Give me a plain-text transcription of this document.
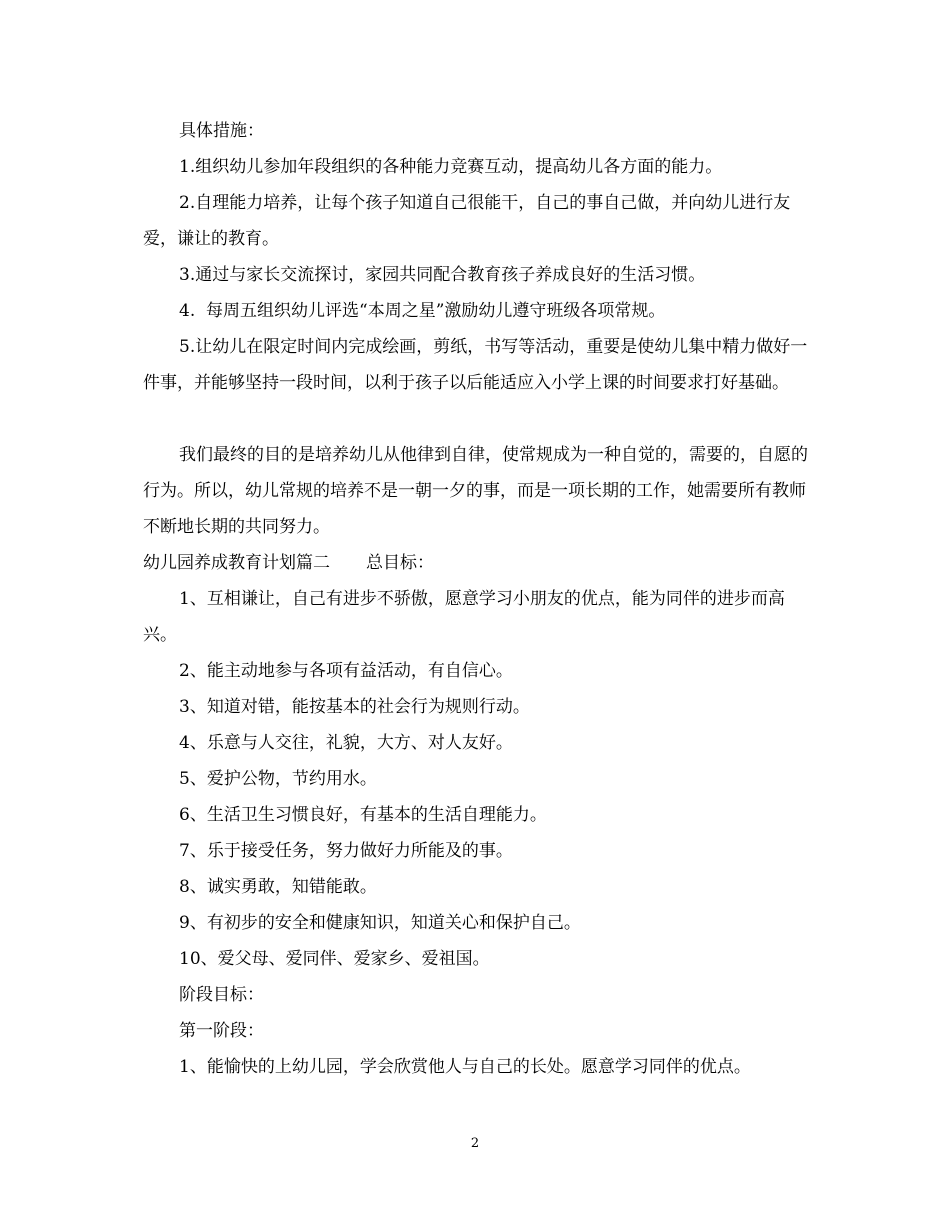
具体措施：

1.组织幼儿参加年段组织的各种能力竞赛互动，提高幼儿各方面的能力。

2.自理能力培养，让每个孩子知道自己很能干，自己的事自己做，并向幼儿进行友爱，谦让的教育。

3.通过与家长交流探讨，家园共同配合教育孩子养成良好的生活习惯。

4.  每周五组织幼儿评选“本周之星”激励幼儿遵守班级各项常规。

5.让幼儿在限定时间内完成绘画，剪纸，书写等活动，重要是使幼儿集中精力做好一件事，并能够坚持一段时间，以利于孩子以后能适应入小学上课的时间要求打好基础。

我们最终的目的是培养幼儿从他律到自律，使常规成为一种自觉的，需要的，自愿的行为。所以，幼儿常规的培养不是一朝一夕的事，而是一项长期的工作，她需要所有教师不断地长期的共同努力。

幼儿园养成教育计划篇二 总目标：

1、互相谦让，自己有进步不骄傲，愿意学习小朋友的优点，能为同伴的进步而高兴。

2、能主动地参与各项有益活动，有自信心。

3、知道对错，能按基本的社会行为规则行动。

4、乐意与人交往，礼貌，大方、对人友好。

5、爱护公物，节约用水。

6、生活卫生习惯良好，有基本的生活自理能力。

7、乐于接受任务，努力做好力所能及的事。

8、诚实勇敢，知错能敢。

9、有初步的安全和健康知识，知道关心和保护自己。

10、爱父母、爱同伴、爱家乡、爱祖国。

阶段目标：

第一阶段：

1、能愉快的上幼儿园，学会欣赏他人与自己的长处。愿意学习同伴的优点。

2
